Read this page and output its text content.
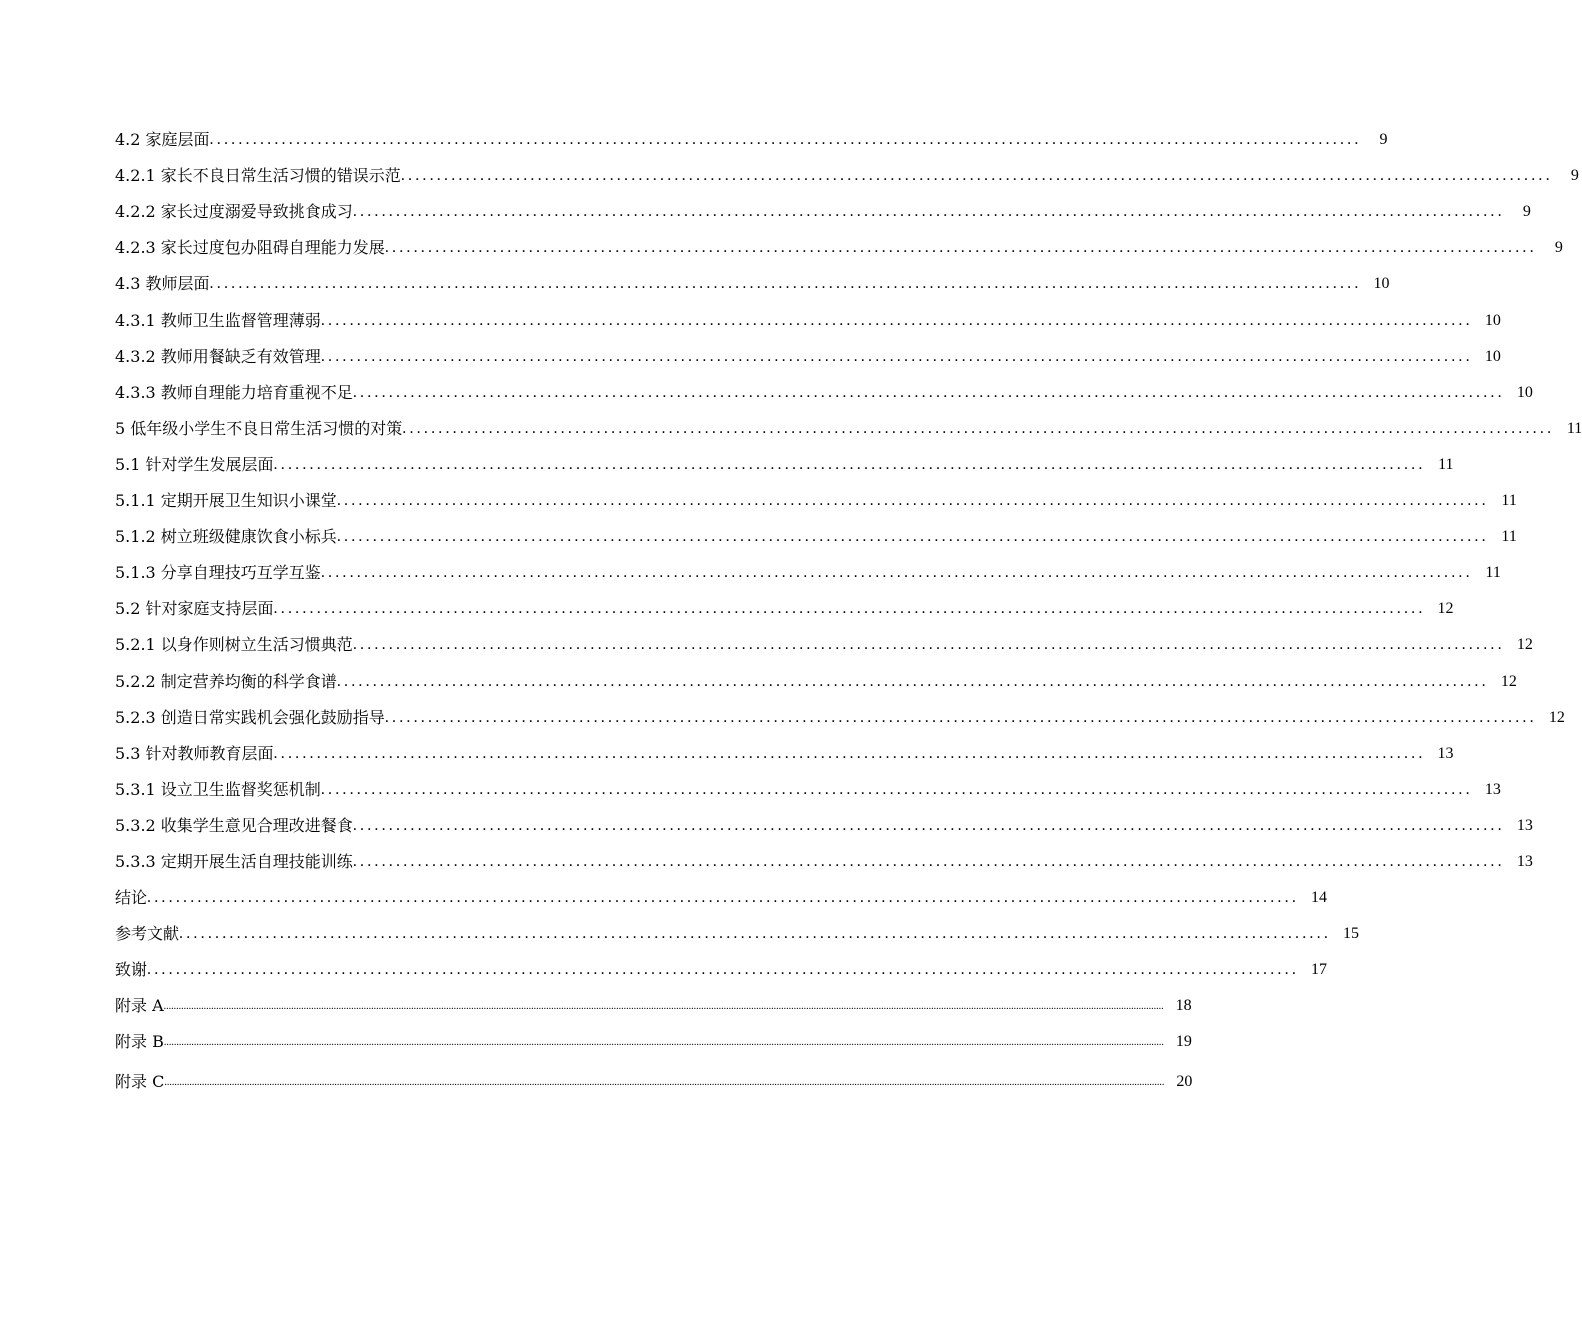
4.2 家庭层面 ................................................................................................................................................................	9
4.2.1 家长不良日常生活习惯的错误示范 ................................................................................................................................................................	9
4.2.2 家长过度溺爱导致挑食成习 ................................................................................................................................................................	9
4.2.3 家长过度包办阻碍自理能力发展 ................................................................................................................................................................	9
4.3 教师层面 ................................................................................................................................................................ 10
4.3.1 教师卫生监督管理薄弱 ................................................................................................................................................................ 10
4.3.2 教师用餐缺乏有效管理 ................................................................................................................................................................ 10
4.3.3 教师自理能力培育重视不足 ................................................................................................................................................................ 10
5 低年级小学生不良日常生活习惯的对策 ................................................................................................................................................................ 11
5.1 针对学生发展层面 ................................................................................................................................................................ 11
5.1.1 定期开展卫生知识小课堂 ................................................................................................................................................................ 11
5.1.2 树立班级健康饮食小标兵 ................................................................................................................................................................ 11
5.1.3 分享自理技巧互学互鉴 ................................................................................................................................................................ 11
5.2 针对家庭支持层面 ................................................................................................................................................................ 12
5.2.1 以身作则树立生活习惯典范 ................................................................................................................................................................ 12
5.2.2 制定营养均衡的科学食谱 ................................................................................................................................................................ 12
5.2.3 创造日常实践机会强化鼓励指导 ................................................................................................................................................................ 12
5.3 针对教师教育层面 ................................................................................................................................................................ 13
5.3.1 设立卫生监督奖惩机制 ................................................................................................................................................................ 13
5.3.2 收集学生意见合理改进餐食 ................................................................................................................................................................ 13
5.3.3 定期开展生活自理技能训练 ................................................................................................................................................................ 13
结论 ................................................................................................................................................................ 14
参考文献 ................................................................................................................................................................ 15
致谢 ................................................................................................................................................................ 17
附录 A ................................................................................................................................................................................................................................................................................................................................................................................................................ 18
附录 B ................................................................................................................................................................................................................................................................................................................................................................................................................ 19
附录 C ................................................................................................................................................................................................................................................................................................................................................................................................................ 20
